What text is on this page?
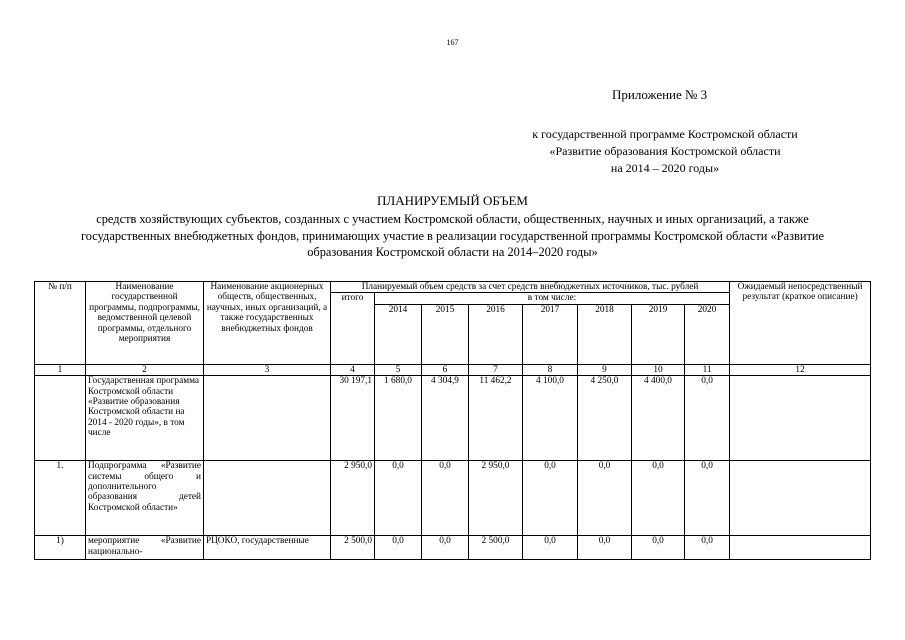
167
Приложение № 3
к государственной программе Костромской области
«Развитие образования Костромской области
на 2014 – 2020 годы»
ПЛАНИРУЕМЫЙ ОБЪЕМ
средств хозяйствующих субъектов, созданных с участием Костромской области, общественных, научных и иных организаций, а также государственных внебюджетных фондов, принимающих участие в реализации государственной программы Костромской области «Развитие образования Костромской области на 2014–2020 годы»
№ п/п	Наименование государственной программы, подпрограммы, ведомственной целевой программы, отдельного мероприятия	Наименование акционерных обществ, общественных, научных, иных организаций, а также государственных внебюджетных фондов	Планируемый объем средств за счет средств внебюджетных источников, тыс. рублей								Ожидаемый непосредственный результат (краткое описание)
			итого	в том числе:							
				2014	2015	2016	2017	2018	2019	2020	
1	2	3	4	5	6	7	8	9	10	11	12
	Государственная программа Костромской области «Развитие образования Костромской области на 2014 - 2020 годы», в том числе		30 197,1	1 680,0	4 304,9	11 462,2	4 100,0	4 250,0	4 400,0	0,0	
1.	Подпрограмма «Развитие системы общего и дополнительного образования детей Костромской области»		2 950,0	0,0	0,0	2 950,0	0,0	0,0	0,0	0,0	
1)	мероприятие «Развитие национально-	РЦОКО, государственные	2 500,0	0,0	0,0	2 500,0	0,0	0,0	0,0	0,0	
